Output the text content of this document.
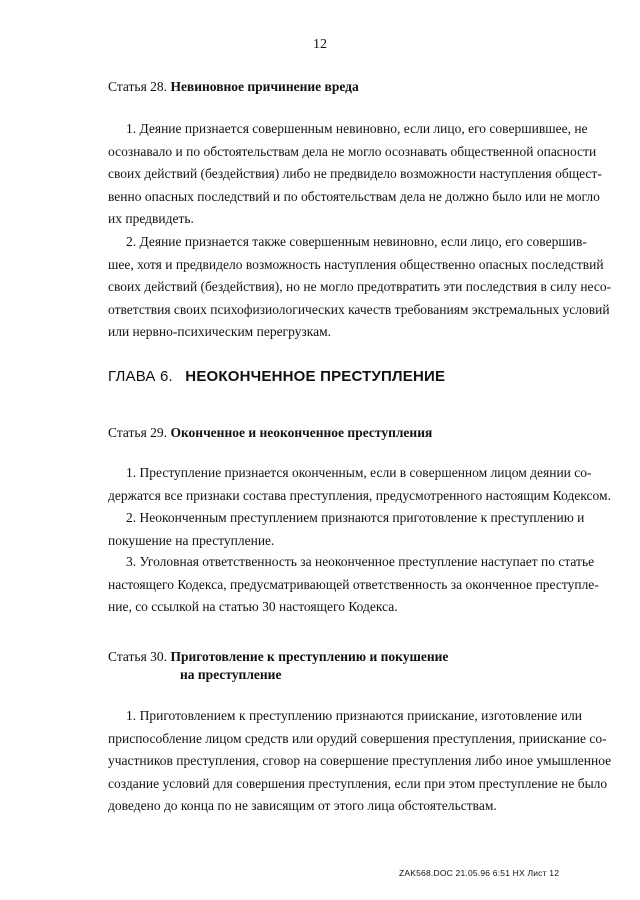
12
Статья 28. Невиновное причинение вреда
1. Деяние признается совершенным невиновно, если лицо, его совершившее, не
осознавало и по обстоятельствам дела не могло осознавать общественной опасности
своих действий (бездействия) либо не предвидело возможности наступления общест-
венно опасных последствий и по обстоятельствам дела не должно было или не могло
их предвидеть.
2. Деяние признается также совершенным невиновно, если лицо, его совершив-
шее, хотя и предвидело возможность наступления общественно опасных последствий
своих действий (бездействия), но не могло предотвратить эти последствия в силу несо-
ответствия своих психофизиологических качеств требованиям экстремальных условий
или нервно-психическим перегрузкам.
ГЛАВА 6. НЕОКОНЧЕННОЕ ПРЕСТУПЛЕНИЕ
Статья 29. Оконченное и неоконченное преступления
1. Преступление признается оконченным, если в совершенном лицом деянии со-
держатся все признаки состава преступления, предусмотренного настоящим Кодексом.
2. Неоконченным преступлением признаются приготовление к преступлению и
покушение на преступление.
3. Уголовная ответственность за неоконченное преступление наступает по статье
настоящего Кодекса, предусматривающей ответственность за оконченное преступле-
ние, со ссылкой на статью 30 настоящего Кодекса.
Статья 30. Приготовление к преступлению и покушение
на преступление
1. Приготовлением к преступлению признаются приискание, изготовление или
приспособление лицом средств или орудий совершения преступления, приискание со-
участников преступления, сговор на совершение преступления либо иное умышленное
создание условий для совершения преступления, если при этом преступление не было
доведено до конца по не зависящим от этого лица обстоятельствам.
ZAK568.DOC 21.05.96 6:51 НХ Лист 12
